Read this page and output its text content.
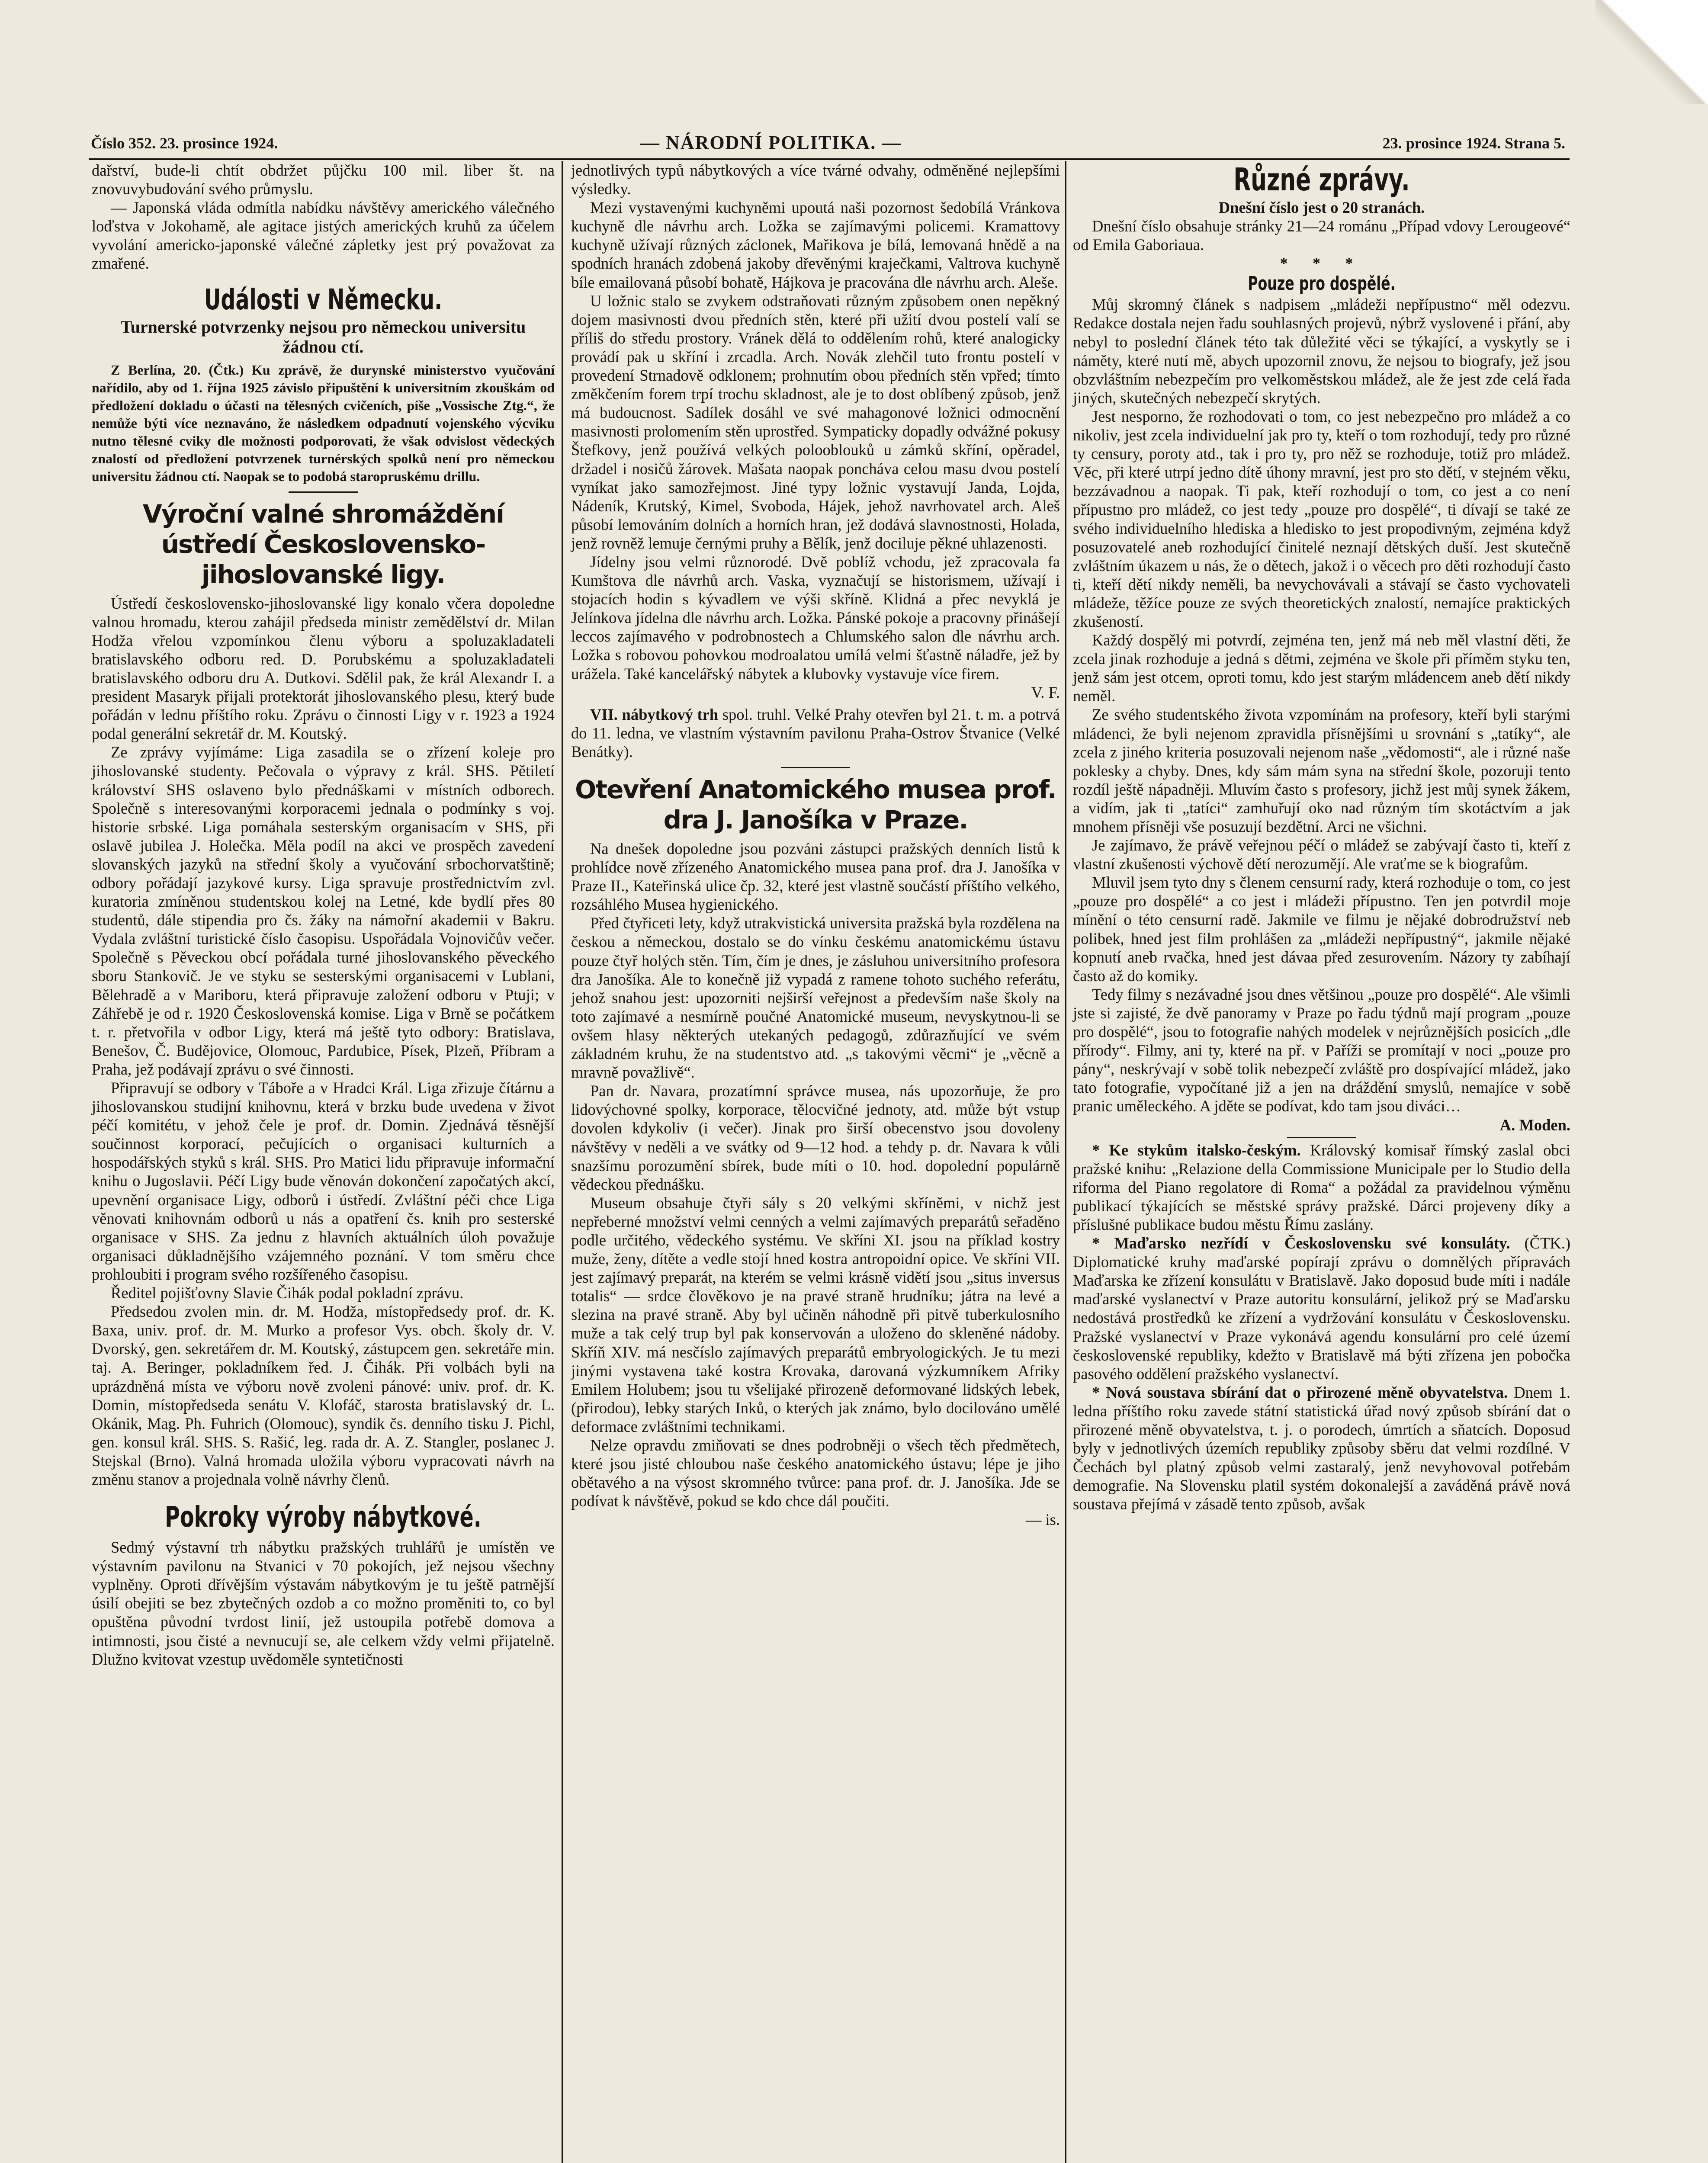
Číslo 352. 23. prosince 1924.	— NÁRODNÍ POLITIKA. —	23. prosince 1924. Strana 5.

dařství, bude-li chtít obdržet půjčku 100 mil. liber št. na znovuvybudování svého průmyslu.

— Japonská vláda odmítla nabídku návštěvy amerického válečného loďstva v Jokohamě, ale agitace jistých amerických kruhů za účelem vyvolání americko-japonské válečné zápletky jest prý považovat za zmařené.

Události v Německu.
Turnerské potvrzenky nejsou pro německou universitu žádnou ctí.

Z Berlína, 20. (Čtk.) Ku zprávě, že durynské ministerstvo vyučování nařídilo, aby od 1. října 1925 závislo připuštění k universitním zkouškám od předložení dokladu o účasti na tělesných cvičeních, píše „Vossische Ztg.“, že nemůže býti více neznaváno, že následkem odpadnutí vojenského výcviku nutno tělesné cviky dle možnosti podporovati, že však odvislost vědeckých znalostí od předložení potvrzenek turnérských spolků není pro německou universitu žádnou ctí. Naopak se to podobá staropruskému drillu.

Výroční valné shromáždění ústředí Československo-jihoslovanské ligy.

Ústředí československo-jihoslovanské ligy konalo včera dopoledne valnou hromadu, kterou zahájil předseda ministr zemědělství dr. Milan Hodža vřelou vzpomínkou členu výboru a spoluzakladateli bratislavského odboru red. D. Porubskému a spoluzakladateli bratislavského odboru dru A. Dutkovi. Sdělil pak, že král Alexandr I. a president Masaryk přijali protektorát jihoslovanského plesu, který bude pořádán v lednu příštího roku. Zprávu o činnosti Ligy v r. 1923 a 1924 podal generální sekretář dr. M. Koutský.

Ze zprávy vyjímáme: Liga zasadila se o zřízení koleje pro jihoslovanské studenty. Pečovala o výpravy z král. SHS. Pětiletí království SHS oslaveno bylo přednáškami v místních odborech. Společně s interesovanými korporacemi jednala o podmínky s voj. historie srbské. Liga pomáhala sesterským organisacím v SHS, při oslavě jubilea J. Holečka. Měla podíl na akci ve prospěch zavedení slovanských jazyků na střední školy a vyučování srbochorvatštině; odbory pořádají jazykové kursy. Liga spravuje prostřednictvím zvl. kuratoria zmíněnou studentskou kolej na Letné, kde bydlí přes 80 studentů, dále stipendia pro čs. žáky na námořní akademii v Bakru. Vydala zvláštní turistické číslo časopisu. Uspořádala Vojnovičův večer. Společně s Pěveckou obcí pořádala turné jihoslovanského pěveckého sboru Stankovič. Je ve styku se sesterskými organisacemi v Lublani, Bělehradě a v Mariboru, která připravuje založení odboru v Ptuji; v Záhřebě je od r. 1920 Československá komise. Liga v Brně se počátkem t. r. přetvořila v odbor Ligy, která má ještě tyto odbory: Bratislava, Benešov, Č. Budějovice, Olomouc, Pardubice, Písek, Plzeň, Příbram a Praha, jež podávají zprávu o své činnosti.

Připravují se odbory v Táboře a v Hradci Král. Liga zřizuje čítárnu a jihoslovanskou studijní knihovnu, která v brzku bude uvedena v život péčí komitétu, v jehož čele je prof. dr. Domin. Zjednává těsnější součinnost korporací, pečujících o organisaci kulturních a hospodářských styků s král. SHS. Pro Matici lidu připravuje informační knihu o Jugoslavii. Péčí Ligy bude věnován dokončení započatých akcí, upevnění organisace Ligy, odborů i ústředí. Zvláštní péči chce Liga věnovati knihovnám odborů u nás a opatření čs. knih pro sesterské organisace v SHS. Za jednu z hlavních aktuálních úloh považuje organisaci důkladnějšího vzájemného poznání. V tom směru chce prohloubiti i program svého rozšířeného časopisu.

Ředitel pojišťovny Slavie Čihák podal pokladní zprávu.

Předsedou zvolen min. dr. M. Hodža, místopředsedy prof. dr. K. Baxa, univ. prof. dr. M. Murko a profesor Vys. obch. školy dr. V. Dvorský, gen. sekretářem dr. M. Koutský, zástupcem gen. sekretáře min. taj. A. Beringer, pokladníkem řed. J. Čihák. Při volbách byli na uprázdněná místa ve výboru nově zvoleni pánové: univ. prof. dr. K. Domin, místopředseda senátu V. Klofáč, starosta bratislavský dr. L. Okánik, Mag. Ph. Fuhrich (Olomouc), syndik čs. denního tisku J. Pichl, gen. konsul král. SHS. S. Rašić, leg. rada dr. A. Z. Stangler, poslanec J. Stejskal (Brno). Valná hromada uložila výboru vypracovati návrh na změnu stanov a projednala volně návrhy členů.

Pokroky výroby nábytkové.

Sedmý výstavní trh nábytku pražských truhlářů je umístěn ve výstavním pavilonu na Stvanici v 70 pokojích, jež nejsou všechny vyplněny. Oproti dřívějším výstavám nábytkovým je tu ještě patrnější úsilí obejiti se bez zbytečných ozdob a co možno proměniti to, co byl opuštěna původní tvrdost linií, jež ustoupila potřebě domova a intimnosti, jsou čisté a nevnucují se, ale celkem vždy velmi přijatelně. Dlužno kvitovat vzestup uvědoměle syntetičnosti

jednotlivých typů nábytkových a více tvárné odvahy, odměněné nejlepšími výsledky.

Mezi vystavenými kuchyněmi upoutá naši pozornost šedobílá Vránkova kuchyně dle návrhu arch. Ložka se zajímavými policemi. Kramattovy kuchyně užívají různých záclonek, Mařikova je bílá, lemovaná hnědě a na spodních hranách zdobená jakoby dřevěnými kraječkami, Valtrova kuchyně bíle emailovaná působí bohatě, Hájkova je pracována dle návrhu arch. Aleše.

U ložnic stalo se zvykem odstraňovati různým způsobem onen nepěkný dojem masivnosti dvou předních stěn, které při užití dvou postelí valí se příliš do středu prostory. Vránek dělá to oddělením rohů, které analogicky provádí pak u skříní i zrcadla. Arch. Novák zlehčil tuto frontu postelí v provedení Strnadově odklonem; prohnutím obou předních stěn vpřed; tímto změkčením forem trpí trochu skladnost, ale je to dost oblíbený způsob, jenž má budoucnost. Sadílek dosáhl ve své mahagonové ložnici odmocnění masivnosti prolomením stěn uprostřed. Sympaticky dopadly odvážné pokusy Štefkovy, jenž používá velkých polooblouků u zámků skříní, opěradel, držadel i nosičů žárovek. Mašata naopak poncháva celou masu dvou postelí vyníkat jako samozřejmost. Jiné typy ložnic vystavují Janda, Lojda, Nádeník, Krutský, Kimel, Svoboda, Hájek, jehož navrhovatel arch. Aleš působí lemováním dolních a horních hran, jež dodává slavnostnosti, Holada, jenž rovněž lemuje černými pruhy a Bělík, jenž dociluje pěkné uhlazenosti.

Jídelny jsou velmi různorodé. Dvě poblíž vchodu, jež zpracovala fa Kumštova dle návrhů arch. Vaska, vyznačují se historismem, užívají i stojacích hodin s kývadlem ve výši skříně. Klidná a přec nevyklá je Jelínkova jídelna dle návrhu arch. Ložka. Pánské pokoje a pracovny přinášejí leccos zajímavého v podrobnostech a Chlumského salon dle návrhu arch. Ložka s robovou pohovkou modroalatou umílá velmi šťastně náladře, jež by urážela. Také kancelářský nábytek a klubovky vystavuje více firem.

V. F.

VII. nábytkový trh spol. truhl. Velké Prahy otevřen byl 21. t. m. a potrvá do 11. ledna, ve vlastním výstavním pavilonu Praha-Ostrov Štvanice (Velké Benátky).

Otevření Anatomického musea prof. dra J. Janošíka v Praze.

Na dnešek dopoledne jsou pozváni zástupci pražských denních listů k prohlídce nově zřízeného Anatomického musea pana prof. dra J. Janošíka v Praze II., Kateřinská ulice čp. 32, které jest vlastně součástí příštího velkého, rozsáhlého Musea hygienického.

Před čtyřiceti lety, když utrakvistická universita pražská byla rozdělena na českou a německou, dostalo se do vínku českému anatomickému ústavu pouze čtyř holých stěn. Tím, čím je dnes, je zásluhou universitního profesora dra Janošíka. Ale to konečně již vypadá z ramene tohoto suchého referátu, jehož snahou jest: upozorniti nejširší veřejnost a především naše školy na toto zajímavé a nesmírně poučné Anatomické museum, nevyskytnou-li se ovšem hlasy některých utekaných pedagogů, zdůrazňující ve svém základném kruhu, že na studentstvo atd. „s takovými věcmi“ je „věcně a mravně považlivě“.

Pan dr. Navara, prozatímní správce musea, nás upozorňuje, že pro lidovýchovné spolky, korporace, tělocvičné jednoty, atd. může být vstup dovolen kdykoliv (i večer). Jinak pro širší obecenstvo jsou dovoleny návštěvy v neděli a ve svátky od 9—12 hod. a tehdy p. dr. Navara k vůli snazšímu porozumění sbírek, bude míti o 10. hod. dopolední populárně vědeckou přednášku.

Museum obsahuje čtyři sály s 20 velkými skříněmi, v nichž jest nepřeberné množství velmi cenných a velmi zajímavých preparátů seřaděno podle určitého, vědeckého systému. Ve skříni XI. jsou na příklad kostry muže, ženy, dítěte a vedle stojí hned kostra antropoidní opice. Ve skříni VII. jest zajímavý preparát, na kterém se velmi krásně vidětí jsou „situs inversus totalis“ — srdce člověkovo je na pravé straně hrudníku; játra na levé a slezina na pravé straně. Aby byl učiněn náhodně při pitvě tuberkulosního muže a tak celý trup byl pak konservován a uloženo do skleněné nádoby. Skříň XIV. má nesčíslo zajímavých preparátů embryologických. Je tu mezi jinými vystavena také kostra Krovaka, darovaná výzkumníkem Afriky Emilem Holubem; jsou tu všelijaké přirozeně deformované lidských lebek, (přirodou), lebky starých Inků, o kterých jak známo, bylo docilováno umělé deformace zvláštními technikami.

Nelze opravdu zmiňovati se dnes podrobněji o všech těch předmětech, které jsou jisté chloubou naše českého anatomického ústavu; lépe je jiho obětavého a na výsost skromného tvůrce: pana prof. dr. J. Janošíka. Jde se podívat k návštěvě, pokud se kdo chce dál poučiti.

— is.
Různé zprávy.

Dnešní číslo jest o 20 stranách.

Dnešní číslo obsahuje stránky 21—24 románu „Případ vdovy Lerougeové“ od Emila Gaboriaua.

* * *
Pouze pro dospělé.

Můj skromný článek s nadpisem „mládeži nepřípustno“ měl odezvu. Redakce dostala nejen řadu souhlasných projevů, nýbrž vyslovené i přání, aby nebyl to poslední článek této tak důležité věci se týkající, a vyskytly se i náměty, které nutí mě, abych upozornil znovu, že nejsou to biografy, jež jsou obzvláštním nebezpečím pro velkoměstskou mládež, ale že jest zde celá řada jiných, skutečných nebezpečí skrytých.

Jest nesporno, že rozhodovati o tom, co jest nebezpečno pro mládež a co nikoliv, jest zcela individuelní jak pro ty, kteří o tom rozhodují, tedy pro různé ty censury, poroty atd., tak i pro ty, pro něž se rozhoduje, totiž pro mládež. Věc, při které utrpí jedno dítě úhony mravní, jest pro sto dětí, v stejném věku, bezzávadnou a naopak. Ti pak, kteří rozhodují o tom, co jest a co není přípustno pro mládež, co jest tedy „pouze pro dospělé“, ti dívají se také ze svého individuelního hlediska a hledisko to jest propodivným, zejména když posuzovatelé aneb rozhodující činitelé neznají dětských duší. Jest skutečně zvláštním úkazem u nás, že o dětech, jakož i o věcech pro děti rozhodují často ti, kteří dětí nikdy neměli, ba nevychovávali a stávají se často vychovateli mládeže, těžíce pouze ze svých theoretických znalostí, nemajíce praktických zkušeností.

Každý dospělý mi potvrdí, zejména ten, jenž má neb měl vlastní děti, že zcela jinak rozhoduje a jedná s dětmi, zejména ve škole při příměm styku ten, jenž sám jest otcem, oproti tomu, kdo jest starým mládencem aneb dětí nikdy neměl.

Ze svého studentského života vzpomínám na profesory, kteří byli starými mládenci, že byli nejenom zpravidla přísnějšími u srovnání s „tatíky“, ale zcela z jiného kriteria posuzovali nejenom naše „vědomosti“, ale i různé naše poklesky a chyby. Dnes, kdy sám mám syna na střední škole, pozoruji tento rozdíl ještě nápadněji. Mluvím často s profesory, jichž jest můj synek žákem, a vidím, jak ti „tatíci“ zamhuřují oko nad různým tím skotáctvím a jak mnohem přísněji vše posuzují bezdětní. Arci ne všichni.

Je zajímavo, že právě veřejnou péčí o mládež se zabývají často ti, kteří z vlastní zkušenosti výchově dětí nerozumějí. Ale vraťme se k biografům.

Mluvil jsem tyto dny s členem censurní rady, která rozhoduje o tom, co jest „pouze pro dospělé“ a co jest i mládeži přípustno. Ten jen potvrdil moje mínění o této censurní radě. Jakmile ve filmu je nějaké dobrodružství neb polibek, hned jest film prohlášen za „mládeži nepřípustný“, jakmile nějaké kopnutí aneb rvačka, hned jest dávaa před zesurovením. Názory ty zabíhají často až do komiky.

Tedy filmy s nezávadné jsou dnes většinou „pouze pro dospělé“. Ale všimli jste si zajisté, že dvě panoramy v Praze po řadu týdnů mají program „pouze pro dospělé“, jsou to fotografie nahých modelek v nejrůznějších posicích „dle přírody“. Filmy, ani ty, které na př. v Paříži se promítají v noci „pouze pro pány“, neskrývají v sobě tolik nebezpečí zvláště pro dospívající mládež, jako tato fotografie, vypočítané již a jen na dráždění smyslů, nemajíce v sobě pranic uměleckého. A jděte se podívat, kdo tam jsou diváci…

A. Moden.

* Ke stykům italsko-českým. Královský komisař římský zaslal obci pražské knihu: „Relazione della Commissione Municipale per lo Studio della riforma del Piano regolatore di Roma“ a požádal za pravidelnou výměnu publikací týkajících se městské správy pražské. Dárci projeveny díky a příslušné publikace budou městu Římu zaslány.

* Maďarsko nezřídí v Československu své konsuláty. (ČTK.) Diplomatické kruhy maďarské popírají zprávu o domnělých přípravách Maďarska ke zřízení konsulátu v Bratislavě. Jako doposud bude míti i nadále maďarské vyslanectví v Praze autoritu konsulární, jelikož prý se Maďarsku nedostává prostředků ke zřízení a vydržování konsulátu v Československu. Pražské vyslanectví v Praze vykonává agendu konsulární pro celé území československé republiky, kdežto v Bratislavě má býti zřízena jen pobočka pasového oddělení pražského vyslanectví.

* Nová soustava sbírání dat o přirozené měně obyvatelstva. Dnem 1. ledna příštího roku zavede státní statistická úřad nový způsob sbírání dat o přirozené měně obyvatelstva, t. j. o porodech, úmrtích a sňatcích. Doposud byly v jednotlivých územích republiky způsoby sběru dat velmi rozdílné. V Čechách byl platný způsob velmi zastaralý, jenž nevyhovoval potřebám demografie. Na Slovensku platil systém dokonalejší a zaváděná právě nová soustava přejímá v zásadě tento způsob, avšak
